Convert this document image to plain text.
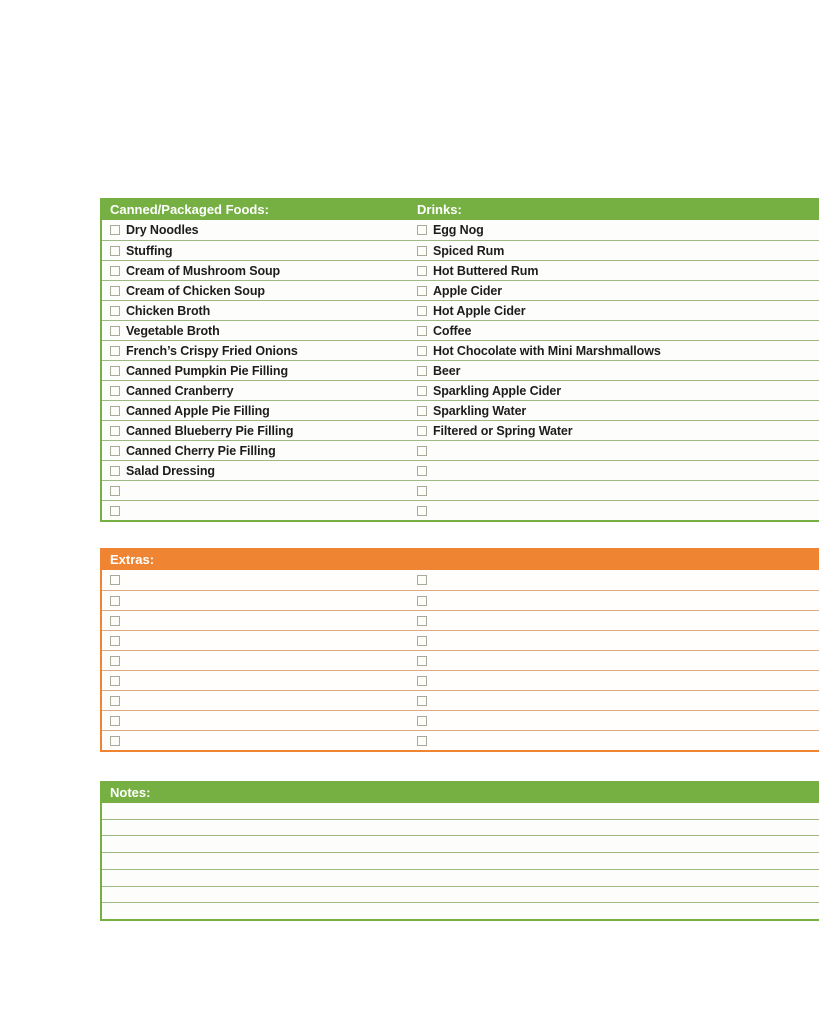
Canned/Packaged Foods:	Drinks:
Dry Noodles	Egg Nog
Stuffing	Spiced Rum
Cream of Mushroom Soup	Hot Buttered Rum
Cream of Chicken Soup	Apple Cider
Chicken Broth	Hot Apple Cider
Vegetable Broth	Coffee
French’s Crispy Fried Onions	Hot Chocolate with Mini Marshmallows
Canned Pumpkin Pie Filling	Beer
Canned Cranberry	Sparkling Apple Cider
Canned Apple Pie Filling	Sparkling Water
Canned Blueberry Pie Filling	Filtered or Spring Water
Canned Cherry Pie Filling
Salad Dressing
Extras:
Notes:
